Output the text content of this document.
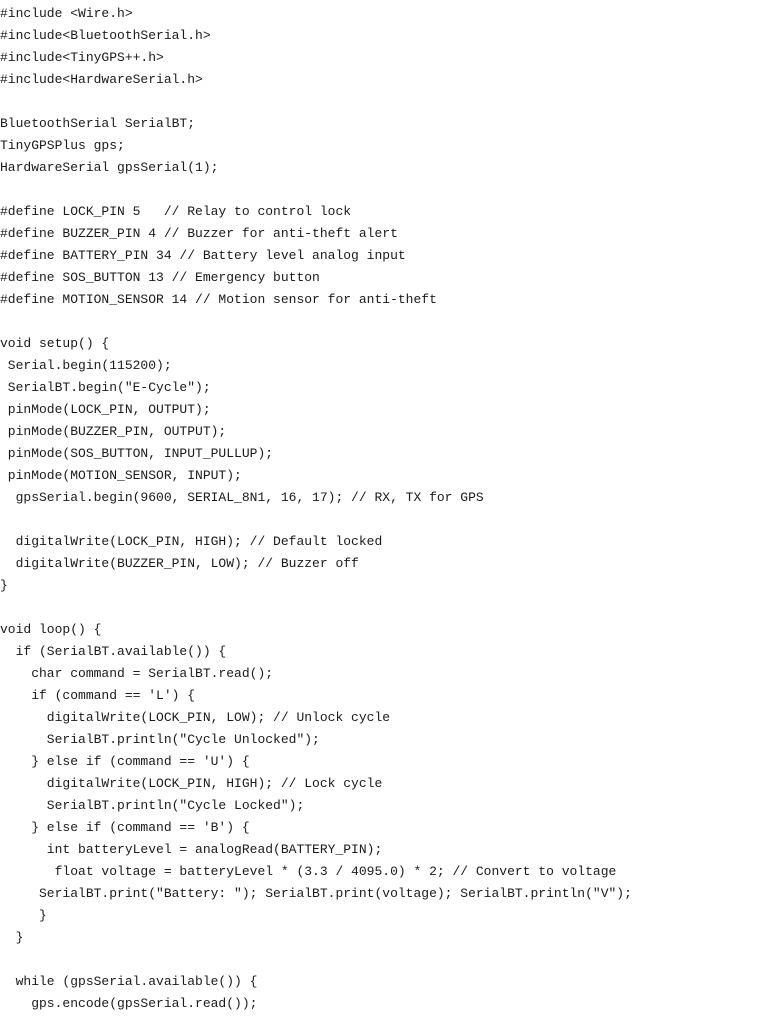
#include <Wire.h>
#include<BluetoothSerial.h>
#include<TinyGPS++.h>
#include<HardwareSerial.h>
BluetoothSerial SerialBT;
TinyGPSPlus gps;
HardwareSerial gpsSerial(1);
#define LOCK_PIN 5   // Relay to control lock
#define BUZZER_PIN 4 // Buzzer for anti-theft alert
#define BATTERY_PIN 34 // Battery level analog input
#define SOS_BUTTON 13 // Emergency button
#define MOTION_SENSOR 14 // Motion sensor for anti-theft
void setup() {
Serial.begin(115200);
SerialBT.begin("E-Cycle");
pinMode(LOCK_PIN, OUTPUT);
pinMode(BUZZER_PIN, OUTPUT);
pinMode(SOS_BUTTON, INPUT_PULLUP);
pinMode(MOTION_SENSOR, INPUT);
gpsSerial.begin(9600, SERIAL_8N1, 16, 17); // RX, TX for GPS
digitalWrite(LOCK_PIN, HIGH); // Default locked
digitalWrite(BUZZER_PIN, LOW); // Buzzer off
}
void loop() {
if (SerialBT.available()) {
char command = SerialBT.read();
if (command == 'L') {
digitalWrite(LOCK_PIN, LOW); // Unlock cycle
SerialBT.println("Cycle Unlocked");
} else if (command == 'U') {
digitalWrite(LOCK_PIN, HIGH); // Lock cycle
SerialBT.println("Cycle Locked");
} else if (command == 'B') {
int batteryLevel = analogRead(BATTERY_PIN);
float voltage = batteryLevel * (3.3 / 4095.0) * 2; // Convert to voltage
SerialBT.print("Battery: "); SerialBT.print(voltage); SerialBT.println("V");
}
}
while (gpsSerial.available()) {
gps.encode(gpsSerial.read());
